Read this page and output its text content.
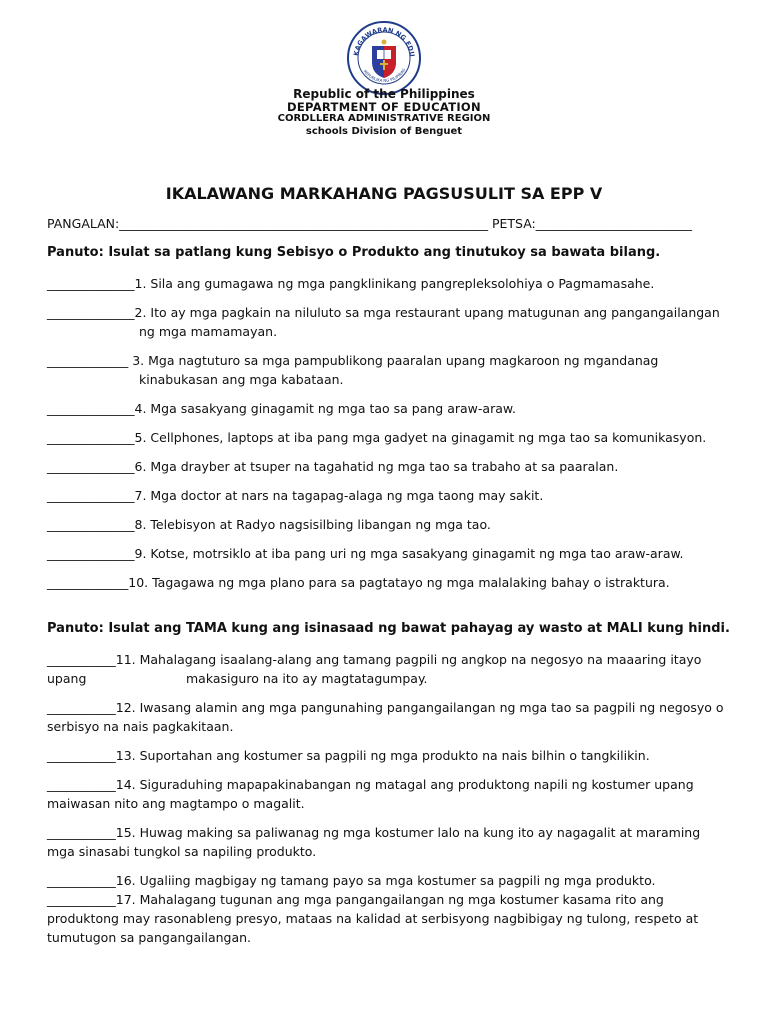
KAGAWARAN NG EDU
REPUBLIKA NG PILIPINAS
Republic of the Philippines
DEPARTMENT OF EDUCATION
CORDLLERA ADMINISTRATIVE REGION
schools Division of Benguet
IKALAWANG MARKAHANG PAGSUSULIT SA EPP V
PANGALAN:___________________________________________________________ PETSA:_________________________
Panuto: Isulat sa patlang kung Sebisyo o Produkto ang tinutukoy sa bawata bilang.
______________1. Sila ang gumagawa ng mga pangklinikang pangrepleksolohiya o Pagmamasahe.
______________2. Ito ay mga pagkain na niluluto sa mga restaurant upang matugunan ang pangangailangan
ng mga mamamayan.
_____________ 3. Mga nagtuturo sa mga pampublikong paaralan upang magkaroon ng mgandanag
kinabukasan ang mga kabataan.
______________4. Mga sasakyang ginagamit ng mga tao sa pang araw-araw.
______________5. Cellphones, laptops at iba pang mga gadyet na ginagamit ng mga tao sa komunikasyon.
______________6. Mga drayber at tsuper na tagahatid ng mga tao sa trabaho at sa paaralan.
______________7. Mga doctor at nars na tagapag-alaga ng mga taong may sakit.
______________8. Telebisyon at Radyo nagsisilbing libangan ng mga tao.
______________9. Kotse, motrsiklo at iba pang uri ng mga sasakyang ginagamit ng mga tao araw-araw.
_____________10. Tagagawa ng mga plano para sa pagtatayo ng mga malalaking bahay o istraktura.
Panuto: Isulat ang TAMA kung ang isinasaad ng bawat pahayag ay wasto at MALI kung hindi.
___________11. Mahalagang isaalang-alang ang tamang pagpili ng angkop na negosyo na maaaring itayo
upang	makasiguro na ito ay magtatagumpay.
___________12. Iwasang alamin ang mga pangunahing pangangailangan ng mga tao sa pagpili ng negosyo o
serbisyo na nais pagkakitaan.
___________13. Suportahan ang kostumer sa pagpili ng mga produkto na nais bilhin o tangkilikin.
___________14. Siguraduhing mapapakinabangan ng matagal ang produktong napili ng kostumer upang
maiwasan nito ang magtampo o magalit.
___________15. Huwag making sa paliwanag ng mga kostumer lalo na kung ito ay nagagalit at maraming
mga sinasabi tungkol sa napiling produkto.
___________16. Ugaliing magbigay ng tamang payo sa mga kostumer sa pagpili ng mga produkto.
___________17. Mahalagang tugunan ang mga pangangailangan ng mga kostumer kasama rito ang
produktong may rasonableng presyo, mataas na kalidad at serbisyong nagbibigay ng tulong, respeto at
tumutugon sa pangangailangan.
